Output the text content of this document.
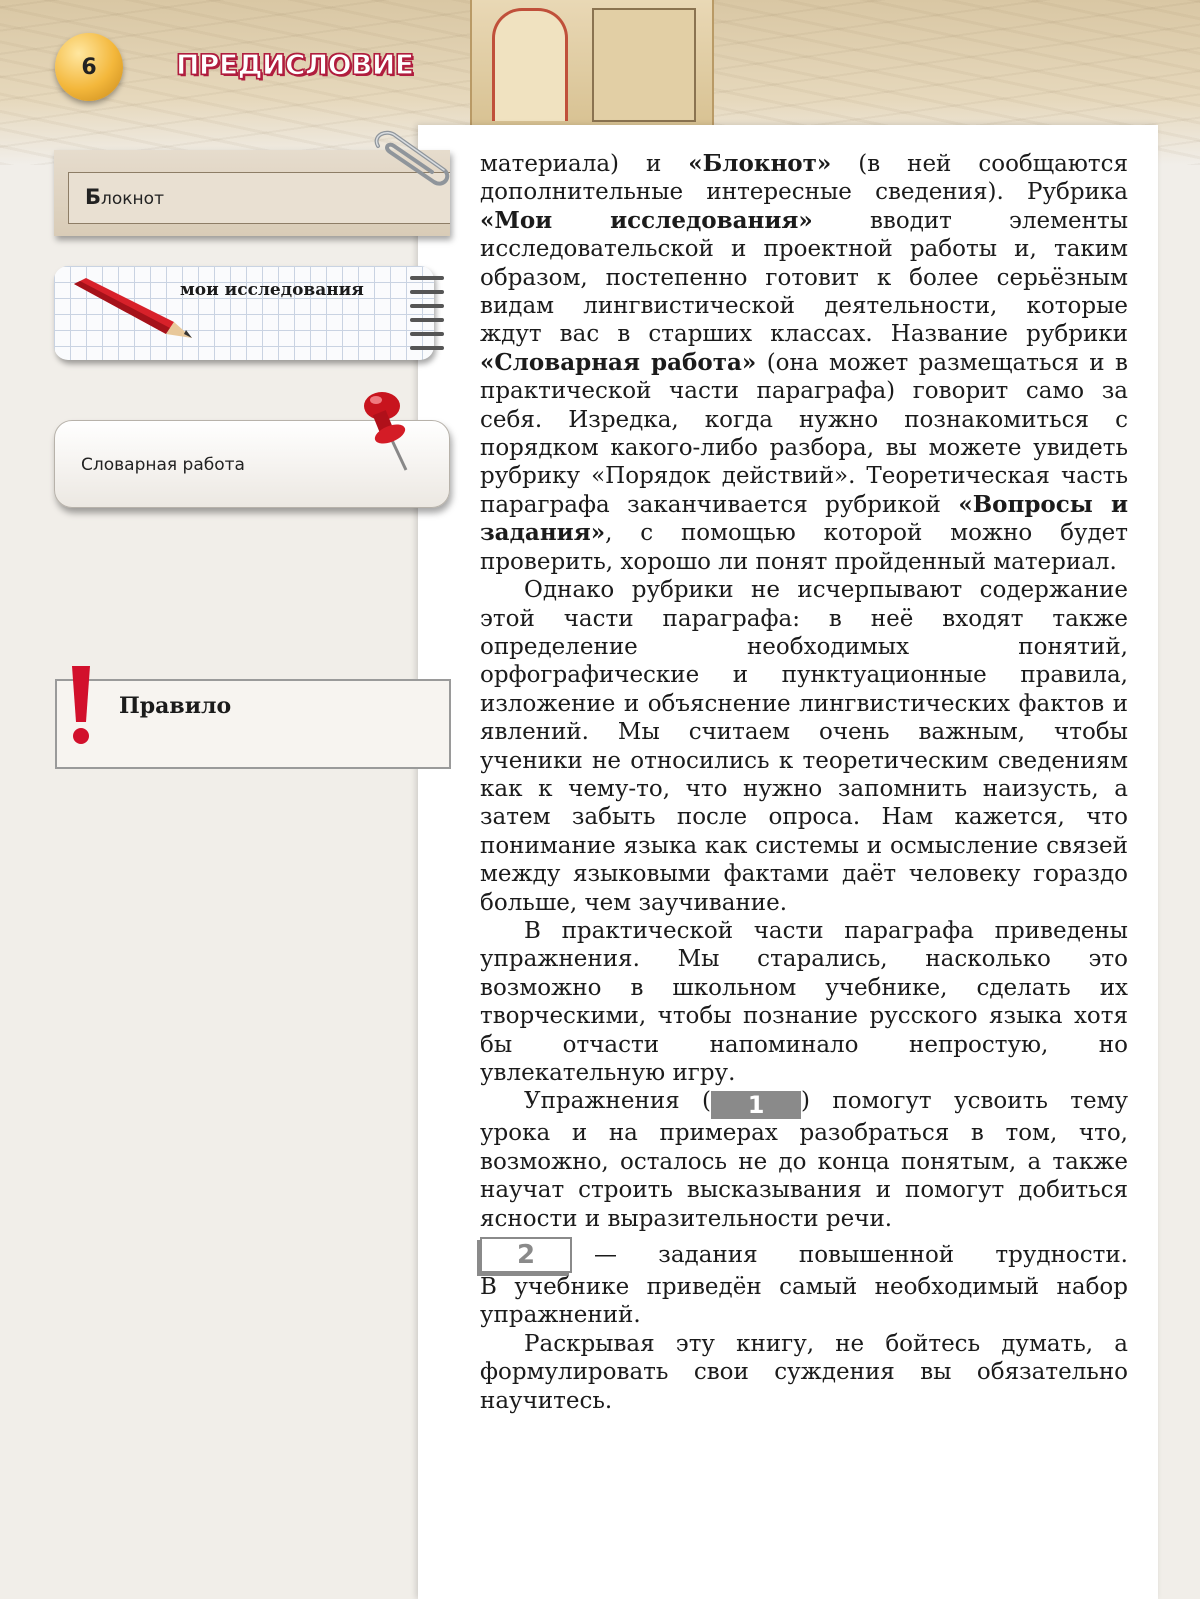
6	ПРЕДИСЛОВИЕ

материала) и «Блокнот» (в ней сообщаются дополнительные интересные сведения). Рубрика «Мои исследования» вводит элементы исследовательской и проектной работы и, таким образом, постепенно готовит к более серьёзным видам лингвистической деятельности, которые ждут вас в старших классах. Название рубрики «Словарная работа» (она может размещаться и в практической части параграфа) говорит само за себя. Изредка, когда нужно познакомиться с порядком какого-либо разбора, вы можете увидеть рубрику «Порядок действий». Теоретическая часть параграфа заканчивается рубрикой «Вопросы и задания», с помощью которой можно будет проверить, хорошо ли понят пройденный материал.

Однако рубрики не исчерпывают содержание этой части параграфа: в неё входят также определение необходимых понятий, орфографические и пунктуационные правила, изложение и объяснение лингвистических фактов и явлений. Мы считаем очень важным, чтобы ученики не относились к теоретическим сведениям как к чему-то, что нужно запомнить наизусть, а затем забыть после опроса. Нам кажется, что понимание языка как системы и осмысление связей между языковыми фактами даёт человеку гораздо больше, чем заучивание.

В практической части параграфа приведены упражнения. Мы старались, насколько это возможно в школьном учебнике, сделать их творческими, чтобы познание русского языка хотя бы отчасти напоминало непростую, но увлекательную игру.

Упражнения ( 1 ) помогут усвоить тему урока и на примерах разобраться в том, что, возможно, осталось не до конца понятым, а также научат строить высказывания и помогут добиться ясности и выразительности речи.

2	— задания повышенной трудности.

В учебнике приведён самый необходимый набор упражнений.

Раскрывая эту книгу, не бойтесь думать, а формулировать свои суждения вы обязательно научитесь.

Блокнот
мои исследования
Словарная работа
Правило
